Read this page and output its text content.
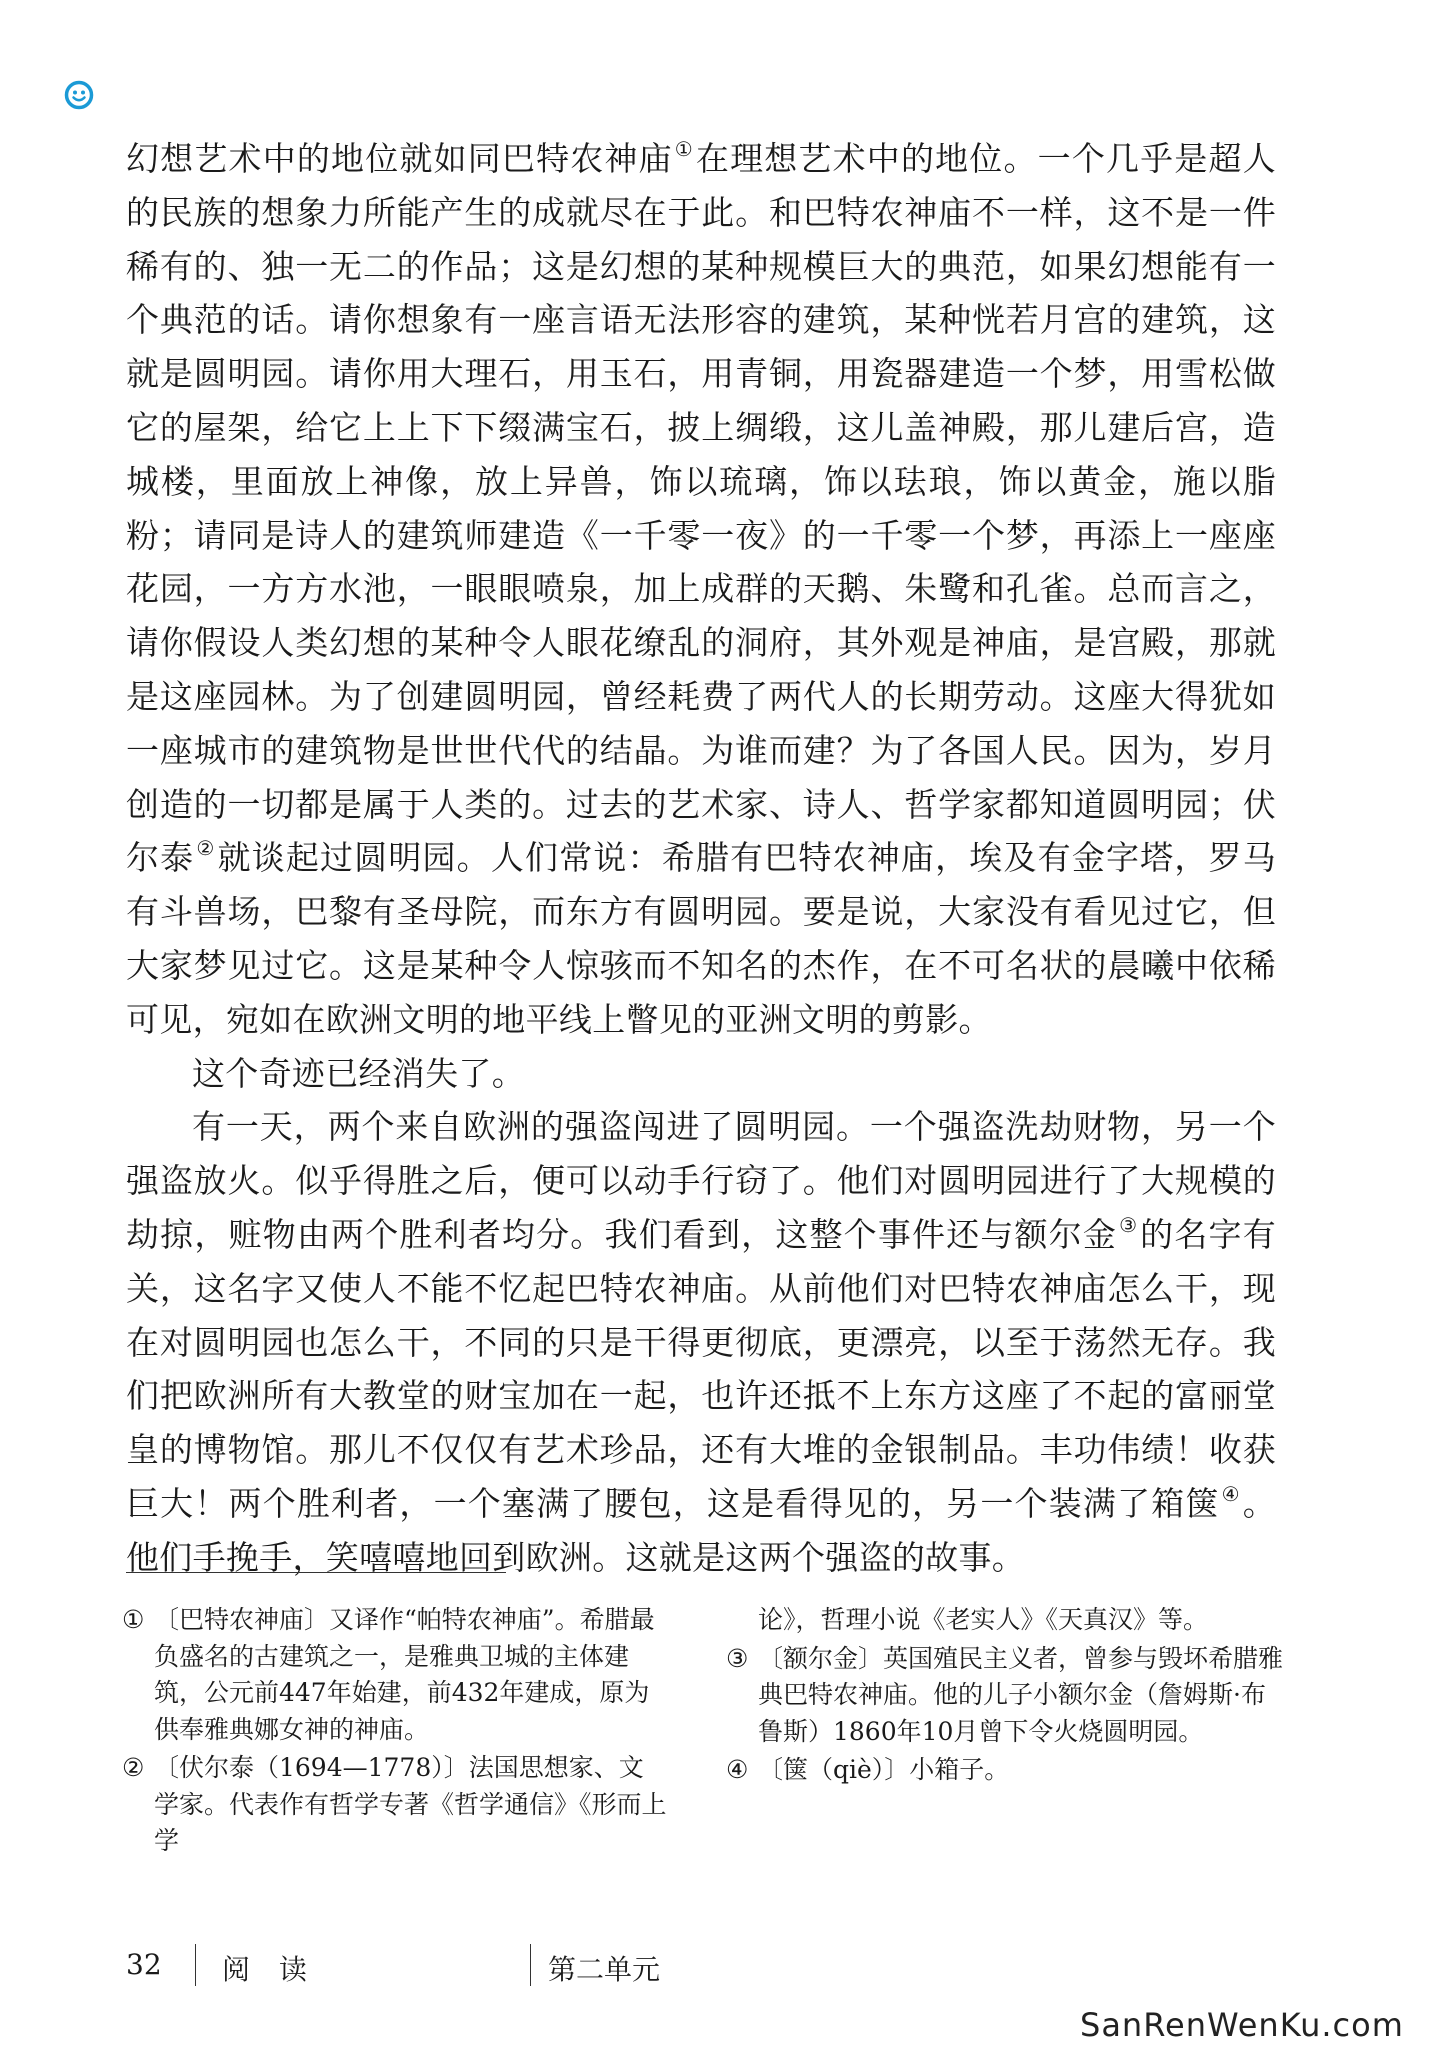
幻想艺术中的地位就如同巴特农神庙 ①在理想艺术中的地位。一个几乎是超人的民族的想象力所能产生的成就尽在于此。和巴特农神庙不一样，这不是一件稀有的、独一无二的作品；这是幻想的某种规模巨大的典范，如果幻想能有一个典范的话。请你想象有一座言语无法形容的建筑，某种恍若月宫的建筑，这就是圆明园。请你用大理石，用玉石，用青铜，用瓷器建造一个梦，用雪松做它的屋架，给它上上下下缀满宝石，披上绸缎，这儿盖神殿，那儿建后宫，造城楼，里面放上神像，放上异兽，饰以琉璃，饰以珐琅，饰以黄金，施以脂粉；请同是诗人的建筑师建造《一千零一夜》的一千零一个梦，再添上一座座花园，一方方水池，一眼眼喷泉，加上成群的天鹅、朱鹭和孔雀。总而言之，请你假设人类幻想的某种令人眼花缭乱的洞府，其外观是神庙，是宫殿，那就是这座园林。为了创建圆明园，曾经耗费了两代人的长期劳动。这座大得犹如一座城市的建筑物是世世代代的结晶。为谁而建？为了各国人民。因为，岁月创造的一切都是属于人类的。过去的艺术家、诗人、哲学家都知道圆明园；伏尔泰 ②就谈起过圆明园。人们常说：希腊有巴特农神庙，埃及有金字塔，罗马有斗兽场，巴黎有圣母院，而东方有圆明园。要是说，大家没有看见过它，但大家梦见过它。这是某种令人惊骇而不知名的杰作，在不可名状的晨曦中依稀可见，宛如在欧洲文明的地平线上瞥见的亚洲文明的剪影。

这个奇迹已经消失了。

有一天，两个来自欧洲的强盗闯进了圆明园。一个强盗洗劫财物，另一个强盗放火。似乎得胜之后，便可以动手行窃了。他们对圆明园进行了大规模的劫掠，赃物由两个胜利者均分。我们看到，这整个事件还与额尔金 ③的名字有关，这名字又使人不能不忆起巴特农神庙。从前他们对巴特农神庙怎么干，现在对圆明园也怎么干，不同的只是干得更彻底，更漂亮，以至于荡然无存。我们把欧洲所有大教堂的财宝加在一起，也许还抵不上东方这座了不起的富丽堂皇的博物馆。那儿不仅仅有艺术珍品，还有大堆的金银制品。丰功伟绩！收获巨大！两个胜利者，一个塞满了腰包，这是看得见的，另一个装满了箱箧 ④。他们手挽手，笑嘻嘻地回到欧洲。这就是这两个强盗的故事。

① 〔巴特农神庙〕又译作“帕特农神庙”。希腊最负盛名的古建筑之一，是雅典卫城的主体建筑，公元前447年始建，前432年建成，原为供奉雅典娜女神的神庙。
② 〔伏尔泰（1694—1778）〕法国思想家、文学家。代表作有哲学专著《哲学通信》《形而上学
论》，哲理小说《老实人》《天真汉》等。
③ 〔额尔金〕英国殖民主义者，曾参与毁坏希腊雅典巴特农神庙。他的儿子小额尔金（詹姆斯·布鲁斯）1860年10月曾下令火烧圆明园。
④ 〔箧（qiè）〕小箱子。
32 阅 读	第二单元
SanRenWenKu.com
